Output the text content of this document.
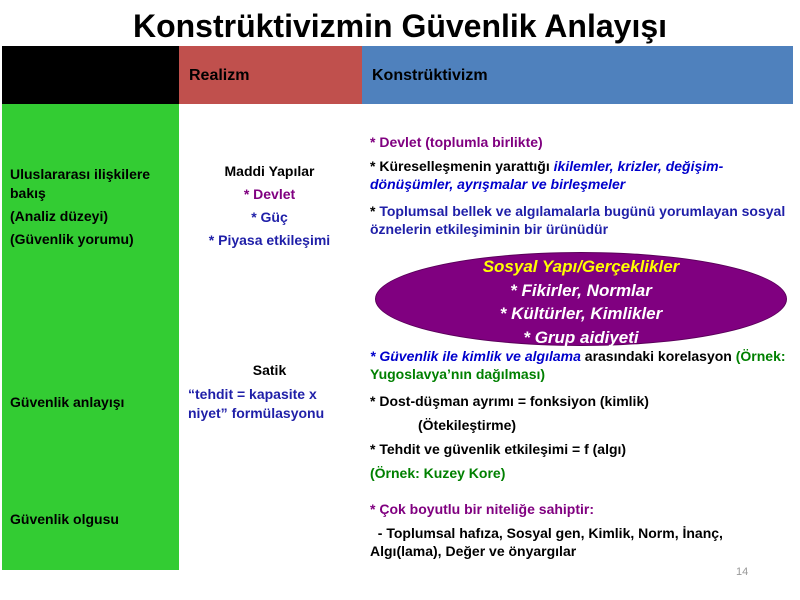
Konstrüktivizmin Güvenlik Anlayışı
Realizm	Konstrüktivizm
Uluslararası ilişkilere bakış
(Analiz düzeyi)
(Güvenlik yorumu)
Maddi Yapılar
* Devlet
* Güç
* Piyasa etkileşimi
* Devlet (toplumla birlikte)
* Küreselleşmenin yarattığı ikilemler, krizler, değişim-dönüşümler, ayrışmalar ve birleşmeler
* Toplumsal bellek ve algılamalarla bugünü yorumlayan sosyal öznelerin etkileşiminin bir ürünüdür
Sosyal Yapı/Gerçeklikler
* Fikirler, Normlar
* Kültürler, Kimlikler
* Grup aidiyeti
Güvenlik anlayışı
Satik
“tehdit = kapasite x niyet” formülasyonu
* Güvenlik ile kimlik ve algılama arasındaki korelasyon (Örnek: Yugoslavya’nın dağılması)
* Dost-düşman ayrımı = fonksiyon (kimlik)
(Ötekileştirme)
* Tehdit ve güvenlik etkileşimi = f (algı)
(Örnek: Kuzey Kore)
Güvenlik olgusu
* Çok boyutlu bir niteliğe sahiptir:
- Toplumsal hafıza, Sosyal gen, Kimlik, Norm, İnanç, Algı(lama), Değer ve önyargılar
14
